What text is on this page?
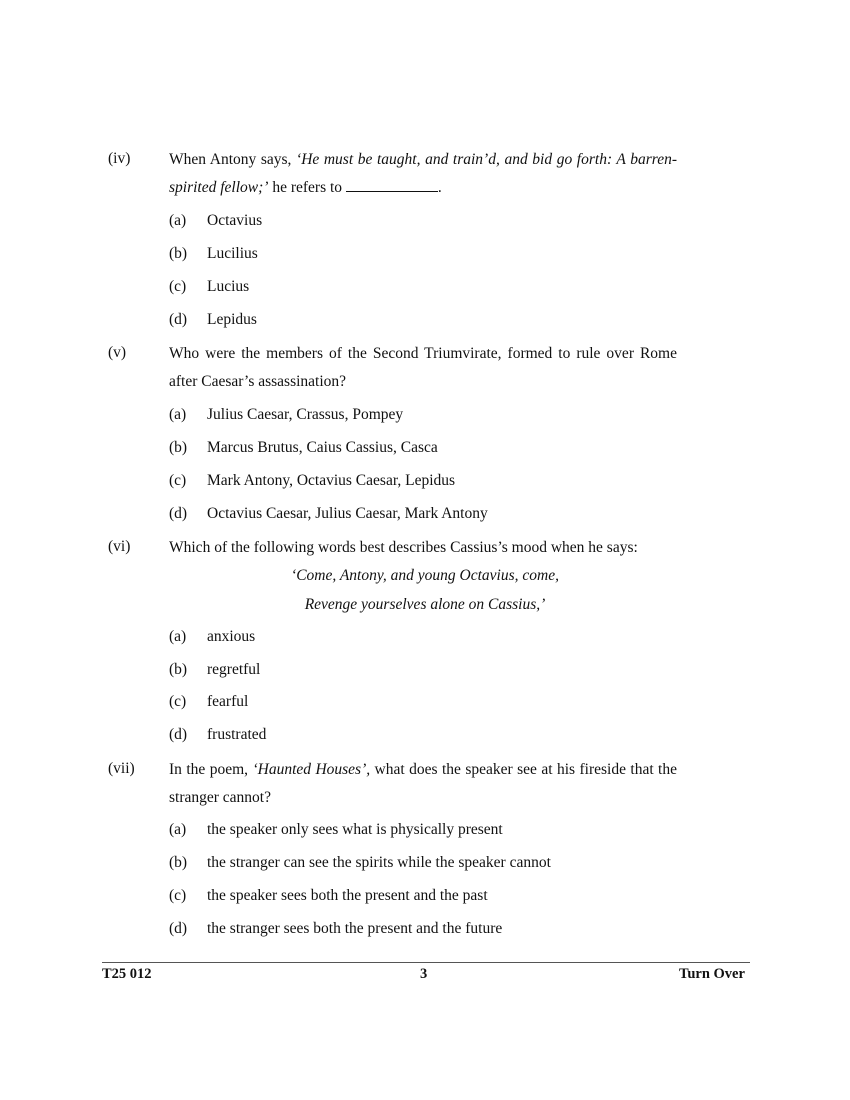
(iv) When Antony says, ‘He must be taught, and train’d, and bid go forth: A barren-spirited fellow;’ he refers to	.
(a) Octavius
(b) Lucilius
(c) Lucius
(d) Lepidus
(v)	Who were the members of the Second Triumvirate, formed to rule over Rome after Caesar’s assassination?
(a) Julius Caesar, Crassus, Pompey
(b) Marcus Brutus, Caius Cassius, Casca
(c) Mark Antony, Octavius Caesar, Lepidus
(d) Octavius Caesar, Julius Caesar, Mark Antony
(vi) Which of the following words best describes Cassius’s mood when he says:
‘Come, Antony, and young Octavius, come,
Revenge yourselves alone on Cassius,’
(a) anxious
(b) regretful
(c) fearful
(d) frustrated
(vii) In the poem, ‘Haunted Houses’, what does the speaker see at his fireside that the stranger cannot?
(a) the speaker only sees what is physically present
(b) the stranger can see the spirits while the speaker cannot
(c) the speaker sees both the present and the past
(d) the stranger sees both the present and the future
T25 012	3	Turn Over
